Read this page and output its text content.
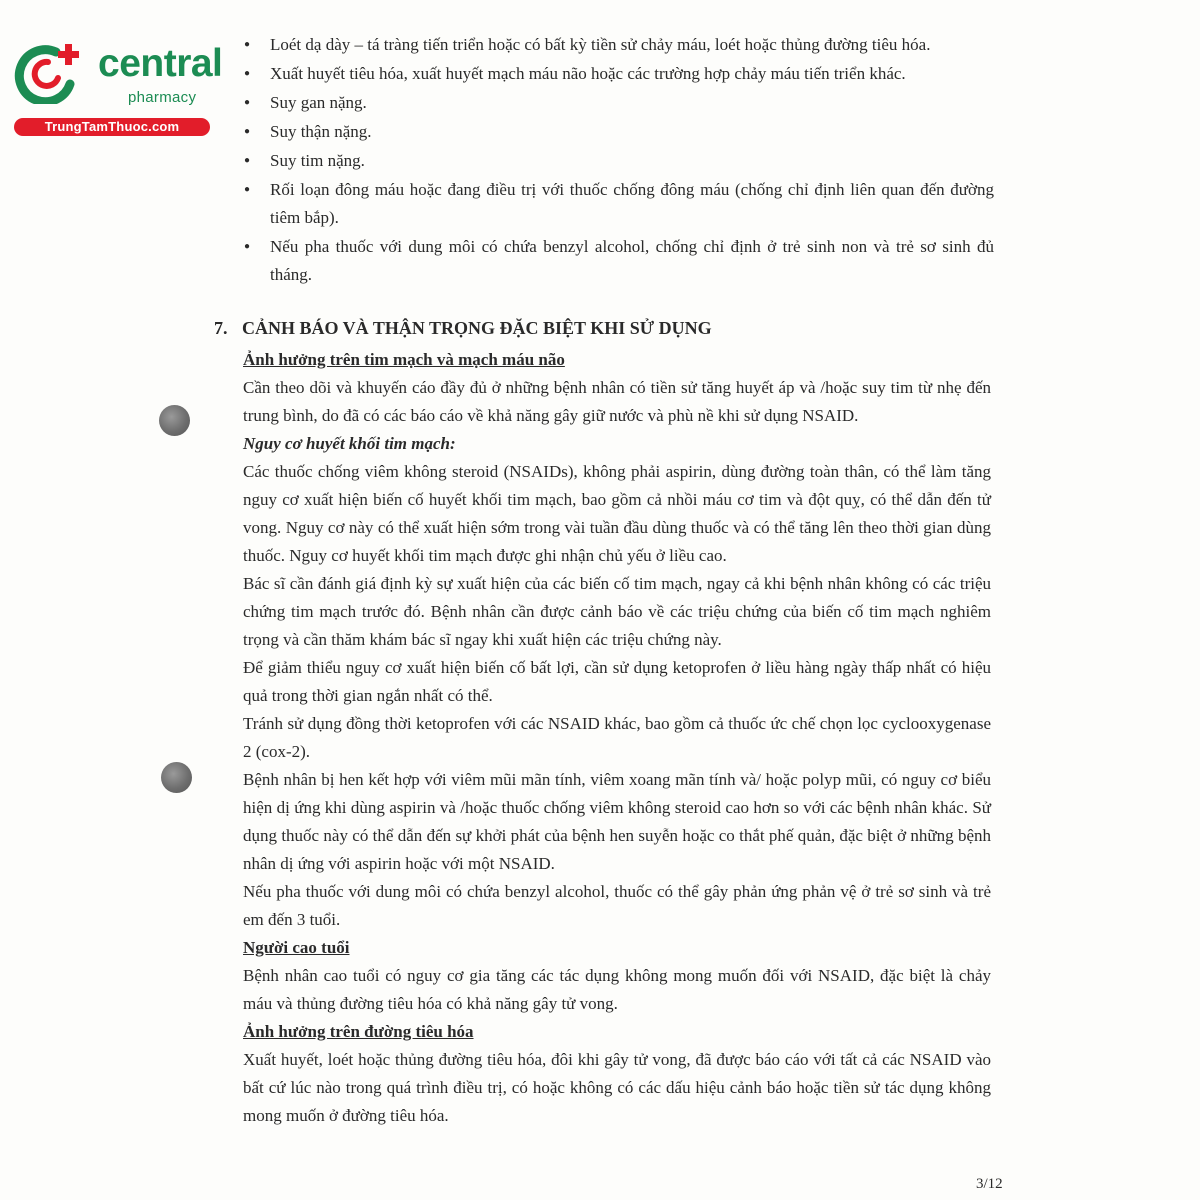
central
pharmacy
TrungTamThuoc.com
● Loét dạ dày – tá tràng tiến triển hoặc có bất kỳ tiền sử chảy máu, loét hoặc thủng đường tiêu hóa.
● Xuất huyết tiêu hóa, xuất huyết mạch máu não hoặc các trường hợp chảy máu tiến triển khác.
● Suy gan nặng.
● Suy thận nặng.
● Suy tim nặng.
● Rối loạn đông máu hoặc đang điều trị với thuốc chống đông máu (chống chỉ định liên quan đến đường tiêm bắp).
● Nếu pha thuốc với dung môi có chứa benzyl alcohol, chống chỉ định ở trẻ sinh non và trẻ sơ sinh đủ tháng.
7. CẢNH BÁO VÀ THẬN TRỌNG ĐẶC BIỆT KHI SỬ DỤNG

Ảnh hưởng trên tim mạch và mạch máu não

Cần theo dõi và khuyến cáo đầy đủ ở những bệnh nhân có tiền sử tăng huyết áp và /hoặc suy tim từ nhẹ đến trung bình, do đã có các báo cáo về khả năng gây giữ nước và phù nề khi sử dụng NSAID.

Nguy cơ huyết khối tim mạch:

Các thuốc chống viêm không steroid (NSAIDs), không phải aspirin, dùng đường toàn thân, có thể làm tăng nguy cơ xuất hiện biến cố huyết khối tim mạch, bao gồm cả nhồi máu cơ tim và đột quỵ, có thể dẫn đến tử vong. Nguy cơ này có thể xuất hiện sớm trong vài tuần đầu dùng thuốc và có thể tăng lên theo thời gian dùng thuốc. Nguy cơ huyết khối tim mạch được ghi nhận chủ yếu ở liều cao.

Bác sĩ cần đánh giá định kỳ sự xuất hiện của các biến cố tim mạch, ngay cả khi bệnh nhân không có các triệu chứng tim mạch trước đó. Bệnh nhân cần được cảnh báo về các triệu chứng của biến cố tim mạch nghiêm trọng và cần thăm khám bác sĩ ngay khi xuất hiện các triệu chứng này.

Để giảm thiểu nguy cơ xuất hiện biến cố bất lợi, cần sử dụng ketoprofen ở liều hàng ngày thấp nhất có hiệu quả trong thời gian ngắn nhất có thể.

Tránh sử dụng đồng thời ketoprofen với các NSAID khác, bao gồm cả thuốc ức chế chọn lọc cyclooxygenase 2 (cox-2).

Bệnh nhân bị hen kết hợp với viêm mũi mãn tính, viêm xoang mãn tính và/ hoặc polyp mũi, có nguy cơ biểu hiện dị ứng khi dùng aspirin và /hoặc thuốc chống viêm không steroid cao hơn so với các bệnh nhân khác. Sử dụng thuốc này có thể dẫn đến sự khởi phát của bệnh hen suyễn hoặc co thắt phế quản, đặc biệt ở những bệnh nhân dị ứng với aspirin hoặc với một NSAID.

Nếu pha thuốc với dung môi có chứa benzyl alcohol, thuốc có thể gây phản ứng phản vệ ở trẻ sơ sinh và trẻ em đến 3 tuổi.

Người cao tuổi

Bệnh nhân cao tuổi có nguy cơ gia tăng các tác dụng không mong muốn đối với NSAID, đặc biệt là chảy máu và thủng đường tiêu hóa có khả năng gây tử vong.

Ảnh hưởng trên đường tiêu hóa

Xuất huyết, loét hoặc thủng đường tiêu hóa, đôi khi gây tử vong, đã được báo cáo với tất cả các NSAID vào bất cứ lúc nào trong quá trình điều trị, có hoặc không có các dấu hiệu cảnh báo hoặc tiền sử tác dụng không mong muốn ở đường tiêu hóa.

3/12
